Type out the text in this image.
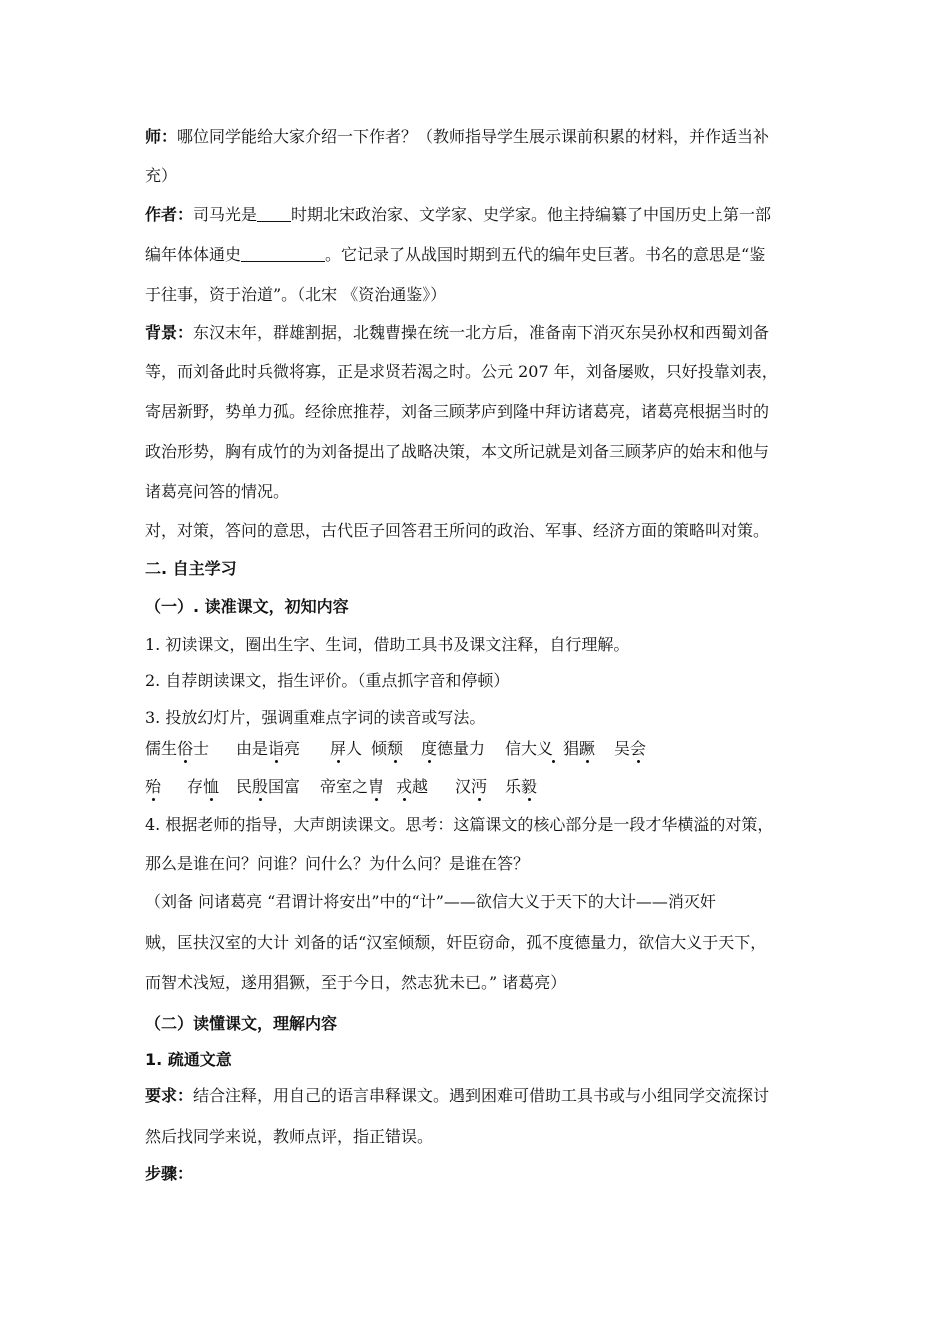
师：哪位同学能给大家介绍一下作者？（教师指导学生展示课前积累的材料，并作适当补
充）
作者：司马光是 时期北宋政治家、文学家、史学家。他主持编纂了中国历史上第一部
编年体体通史	。它记录了从战国时期到五代的编年史巨著。书名的意思是“鉴
于往事，资于治道”。（北宋 《资治通鉴》）
背景：东汉末年，群雄割据，北魏曹操在统一北方后，准备南下消灭东吴孙权和西蜀刘备
等，而刘备此时兵微将寡，正是求贤若渴之时。公元 207 年，刘备屡败，只好投靠刘表，
寄居新野，势单力孤。经徐庶推荐，刘备三顾茅庐到隆中拜访诸葛亮，诸葛亮根据当时的
政治形势，胸有成竹的为刘备提出了战略决策，本文所记就是刘备三顾茅庐的始末和他与
诸葛亮问答的情况。
对，对策，答问的意思，古代臣子回答君王所问的政治、军事、经济方面的策略叫对策。
二. 自主学习
（一）. 读准课文，初知内容
1. 初读课文，圈出生字、生词，借助工具书及课文注释，自行理解。
2. 自荐朗读课文，指生评价。（重点抓字音和停顿）
3. 投放幻灯片，强调重难点字词的读音或写法。
儒生俗士 由是诣亮 屏人 倾颓 度德量力 信大义 猖蹶 吴会
殆 存恤 民殷国富 帝室之胄 戎越 汉沔 乐毅
4. 根据老师的指导，大声朗读课文。思考：这篇课文的核心部分是一段才华横溢的对策，
那么是谁在问？问谁？问什么？为什么问？是谁在答？
（刘备 问诸葛亮 “君谓计将安出”中的“计”——欲信大义于天下的大计——消灭奸
贼，匡扶汉室的大计 刘备的话“汉室倾颓，奸臣窃命，孤不度德量力，欲信大义于天下，
而智术浅短，遂用猖獗，至于今日，然志犹未已。” 诸葛亮）
（二）读懂课文，理解内容
1. 疏通文意
要求：结合注释，用自己的语言串释课文。遇到困难可借助工具书或与小组同学交流探讨
然后找同学来说，教师点评，指正错误。
步骤：
